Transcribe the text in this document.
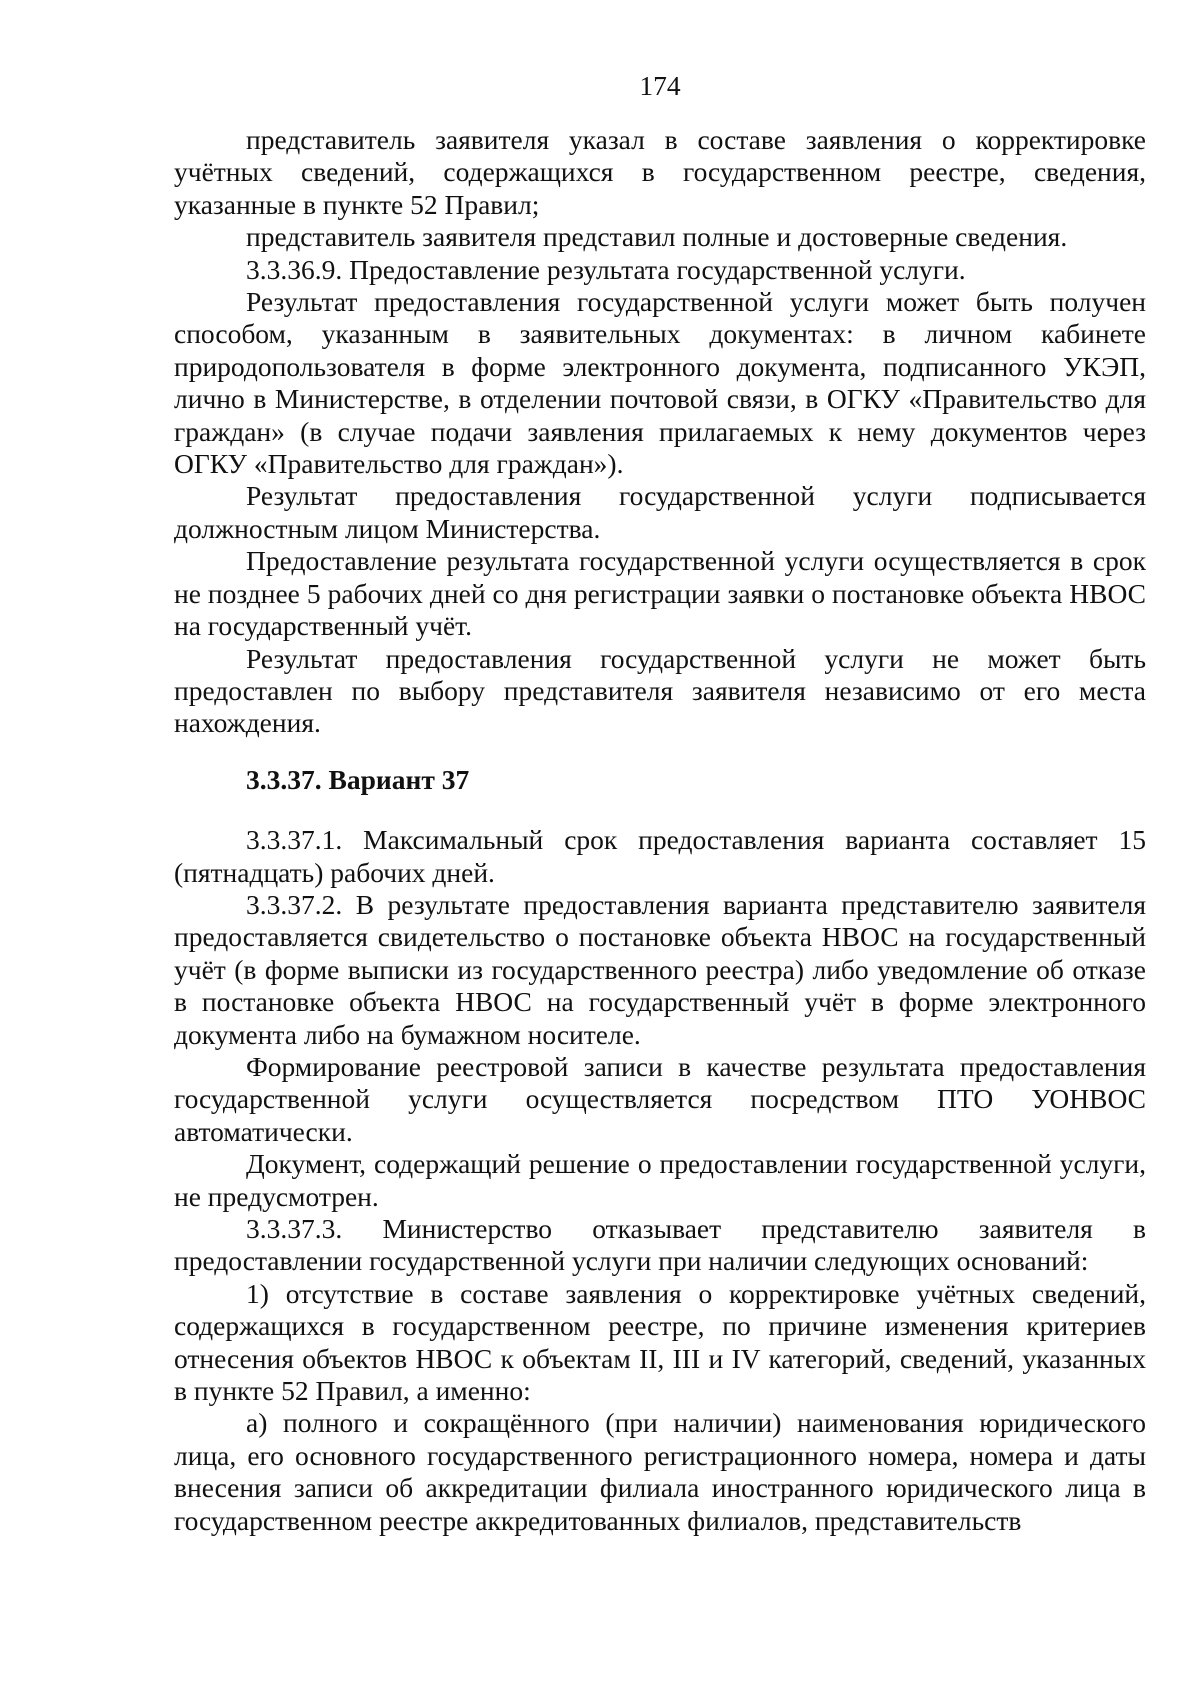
174

представитель заявителя указал в составе заявления о корректировке учётных сведений, содержащихся в государственном реестре, сведения, указанные в пункте 52 Правил;

представитель заявителя представил полные и достоверные сведения.

3.3.36.9. Предоставление результата государственной услуги.

Результат предоставления государственной услуги может быть получен способом, указанным в заявительных документах: в личном кабинете природопользователя в форме электронного документа, подписанного УКЭП, лично в Министерстве, в отделении почтовой связи, в ОГКУ «Правительство для граждан» (в случае подачи заявления прилагаемых к нему документов через ОГКУ «Правительство для граждан»).

Результат предоставления государственной услуги подписывается должностным лицом Министерства.

Предоставление результата государственной услуги осуществляется в срок не позднее 5 рабочих дней со дня регистрации заявки о постановке объекта НВОС на государственный учёт.

Результат предоставления государственной услуги не может быть предоставлен по выбору представителя заявителя независимо от его места нахождения.

3.3.37. Вариант 37

3.3.37.1. Максимальный срок предоставления варианта составляет 15 (пятнадцать) рабочих дней.

3.3.37.2. В результате предоставления варианта представителю заявителя предоставляется свидетельство о постановке объекта НВОС на государственный учёт (в форме выписки из государственного реестра) либо уведомление об отказе в постановке объекта НВОС на государственный учёт в форме электронного документа либо на бумажном носителе.

Формирование реестровой записи в качестве результата предоставления государственной услуги осуществляется посредством ПТО УОНВОС автоматически.

Документ, содержащий решение о предоставлении государственной услуги, не предусмотрен.

3.3.37.3. Министерство отказывает представителю заявителя в предоставлении государственной услуги при наличии следующих оснований:

1) отсутствие в составе заявления о корректировке учётных сведений, содержащихся в государственном реестре, по причине изменения критериев отнесения объектов НВОС к объектам II, III и IV категорий, сведений, указанных в пункте 52 Правил, а именно:

а) полного и сокращённого (при наличии) наименования юридического лица, его основного государственного регистрационного номера, номера и даты внесения записи об аккредитации филиала иностранного юридического лица в государственном реестре аккредитованных филиалов, представительств
